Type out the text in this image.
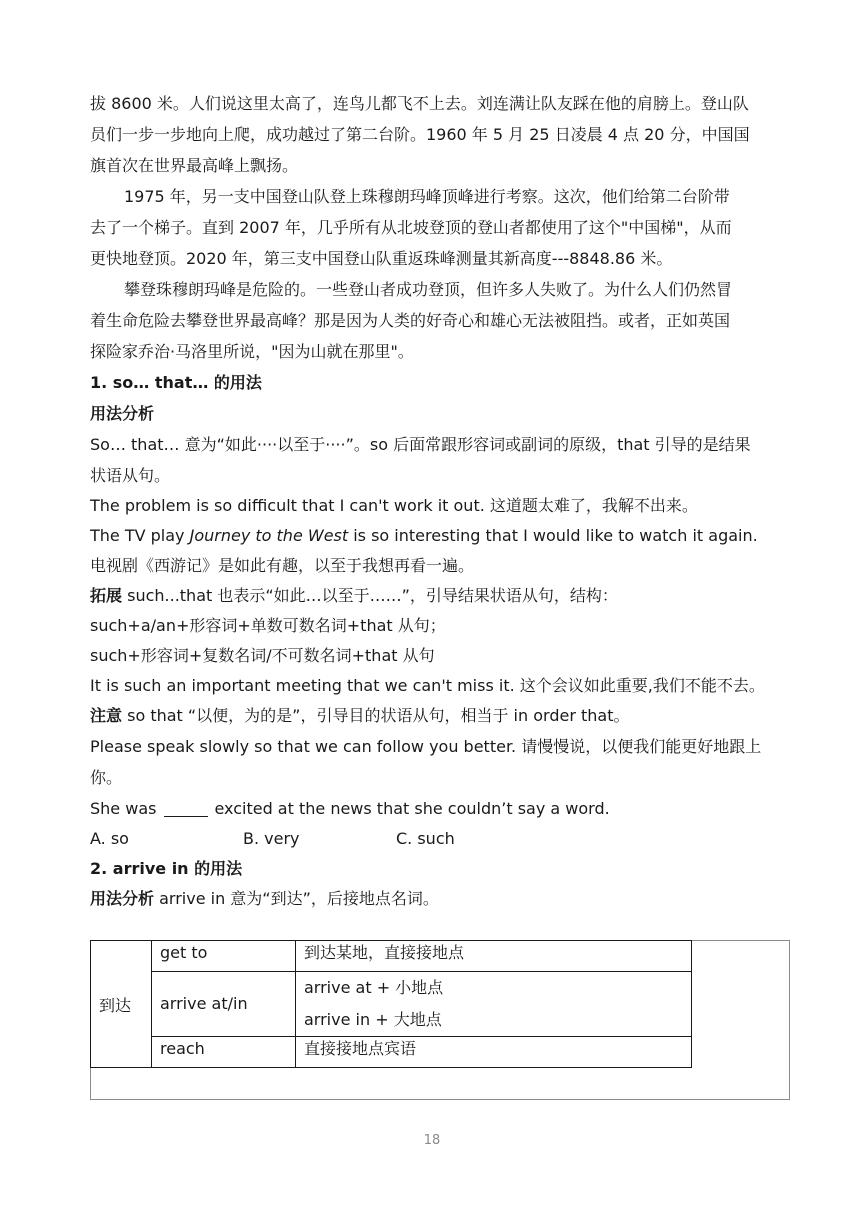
拔 8600 米。人们说这里太高了，连鸟儿都飞不上去。刘连满让队友踩在他的肩膀上。登山队
员们一步一步地向上爬，成功越过了第二台阶。1960 年 5 月 25 日凌晨 4 点 20 分，中国国
旗首次在世界最高峰上飘扬。
1975 年，另一支中国登山队登上珠穆朗玛峰顶峰进行考察。这次，他们给第二台阶带
去了一个梯子。直到 2007 年，几乎所有从北坡登顶的登山者都使用了这个"中国梯"，从而
更快地登顶。2020 年，第三支中国登山队重返珠峰测量其新高度---8848.86 米。
攀登珠穆朗玛峰是危险的。一些登山者成功登顶，但许多人失败了。为什么人们仍然冒
着生命危险去攀登世界最高峰？那是因为人类的好奇心和雄心无法被阻挡。或者，正如英国
探险家乔治·马洛里所说，"因为山就在那里"。
1. so… that… 的用法
用法分析
So… that… 意为“如此····以至于····”。so 后面常跟形容词或副词的原级，that 引导的是结果
状语从句。
The problem is so difficult that I can't work it out. 这道题太难了，我解不出来。
The TV play Journey to the West is so interesting that I would like to watch it again.
电视剧《西游记》是如此有趣，以至于我想再看一遍。
拓展 such...that 也表示“如此…以至于……”，引导结果状语从句，结构：
such+a/an+形容词+单数可数名词+that 从句；
such+形容词+复数名词/不可数名词+that 从句
It is such an important meeting that we can't miss it. 这个会议如此重要,我们不能不去。
注意 so that “以便，为的是”，引导目的状语从句，相当于 in order that。
Please speak slowly so that we can follow you better. 请慢慢说，以便我们能更好地跟上
你。
She was	excited at the news that she couldn’t say a word.
A. so	B. very	C. such
2. arrive in 的用法
用法分析 arrive in 意为“到达”，后接地点名词。
到达	get to	到达某地，直接接地点

	arrive at/in	arrive at + 小地点
arrive in + 大地点

	reach	直接接地点宾语
18
